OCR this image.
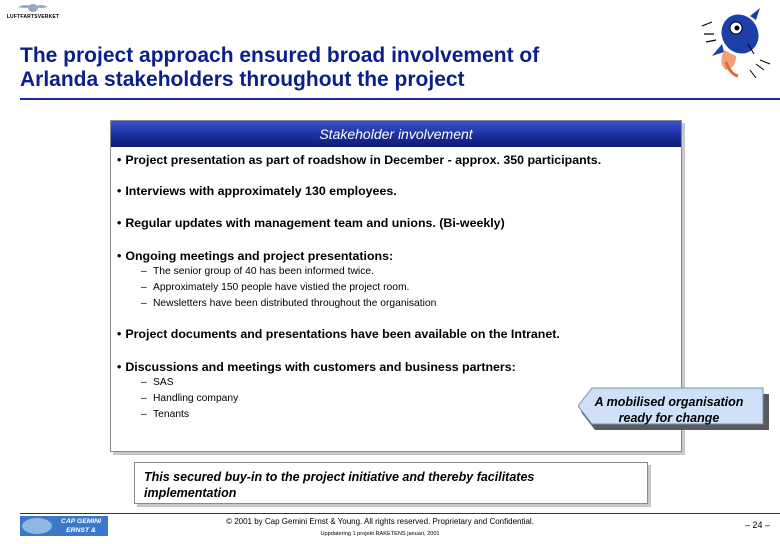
LUFTFARTSVERKET
The project approach ensured broad involvement of
Arlanda stakeholders throughout the project
Stakeholder involvement
• Project presentation as part of roadshow in December - approx. 350 participants.
• Interviews with approximately 130 employees.
• Regular updates with management team and unions. (Bi-weekly)
• Ongoing meetings and project presentations:
– The senior group of 40 has been informed twice.
– Approximately 150 people have vistied the project room.
– Newsletters have been distributed throughout the organisation
• Project documents and presentations have been available on the Intranet.
• Discussions and meetings with customers and business partners:
– SAS
– Handling company
– Tenants
A mobilised organisation
ready for change
This secured buy-in to the project initiative and thereby facilitates
implementation
CAP GEMINI
ERNST & YOUNG
© 2001 by Cap Gemini Ernst & Young. All rights reserved. Proprietary and Confidential.
Uppdatering 1 projekt RAKETENS januari, 2001
– 24 –
